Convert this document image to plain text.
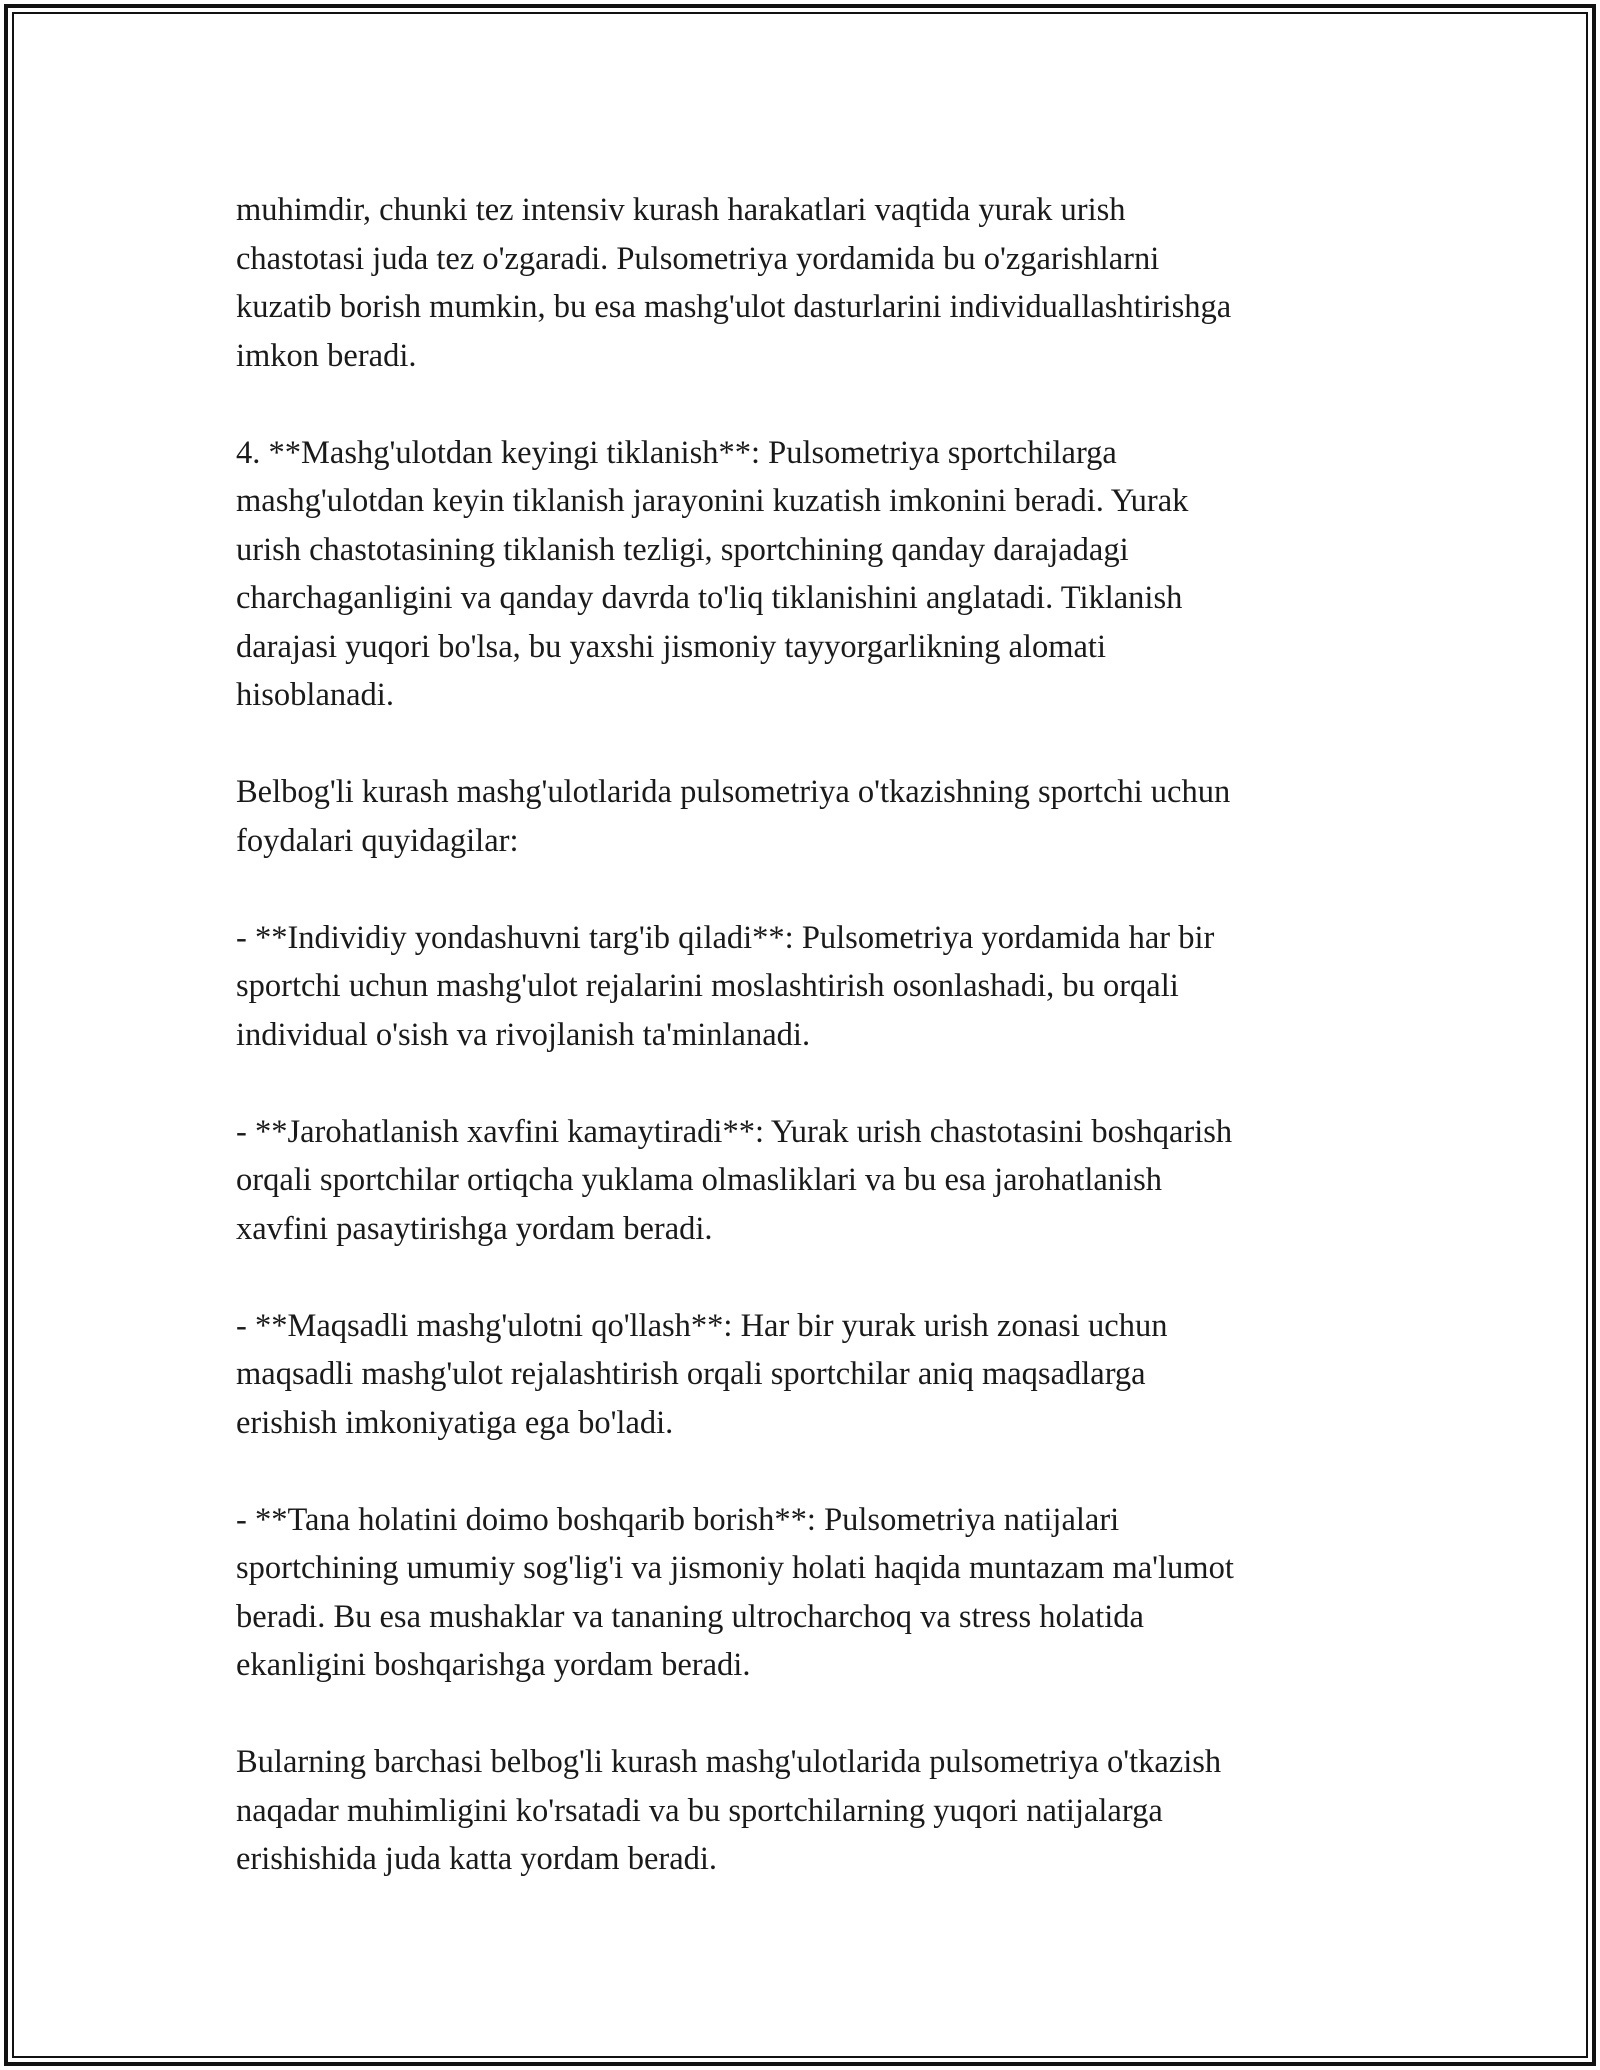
muhimdir, chunki tez intensiv kurash harakatlari vaqtida yurak urish
chastotasi juda tez o'zgaradi. Pulsometriya yordamida bu o'zgarishlarni
kuzatib borish mumkin, bu esa mashg'ulot dasturlarini individuallashtirishga
imkon beradi.

4. **Mashg'ulotdan keyingi tiklanish**: Pulsometriya sportchilarga
mashg'ulotdan keyin tiklanish jarayonini kuzatish imkonini beradi. Yurak
urish chastotasining tiklanish tezligi, sportchining qanday darajadagi
charchaganligini va qanday davrda to'liq tiklanishini anglatadi. Tiklanish
darajasi yuqori bo'lsa, bu yaxshi jismoniy tayyorgarlikning alomati
hisoblanadi.

Belbog'li kurash mashg'ulotlarida pulsometriya o'tkazishning sportchi uchun
foydalari quyidagilar:

- **Individiy yondashuvni targ'ib qiladi**: Pulsometriya yordamida har bir
sportchi uchun mashg'ulot rejalarini moslashtirish osonlashadi, bu orqali
individual o'sish va rivojlanish ta'minlanadi.

- **Jarohatlanish xavfini kamaytiradi**: Yurak urish chastotasini boshqarish
orqali sportchilar ortiqcha yuklama olmasliklari va bu esa jarohatlanish
xavfini pasaytirishga yordam beradi.

- **Maqsadli mashg'ulotni qo'llash**: Har bir yurak urish zonasi uchun
maqsadli mashg'ulot rejalashtirish orqali sportchilar aniq maqsadlarga
erishish imkoniyatiga ega bo'ladi.

- **Tana holatini doimo boshqarib borish**: Pulsometriya natijalari
sportchining umumiy sog'lig'i va jismoniy holati haqida muntazam ma'lumot
beradi. Bu esa mushaklar va tananing ultrocharchoq va stress holatida
ekanligini boshqarishga yordam beradi.

Bularning barchasi belbog'li kurash mashg'ulotlarida pulsometriya o'tkazish
naqadar muhimligini ko'rsatadi va bu sportchilarning yuqori natijalarga
erishishida juda katta yordam beradi.
